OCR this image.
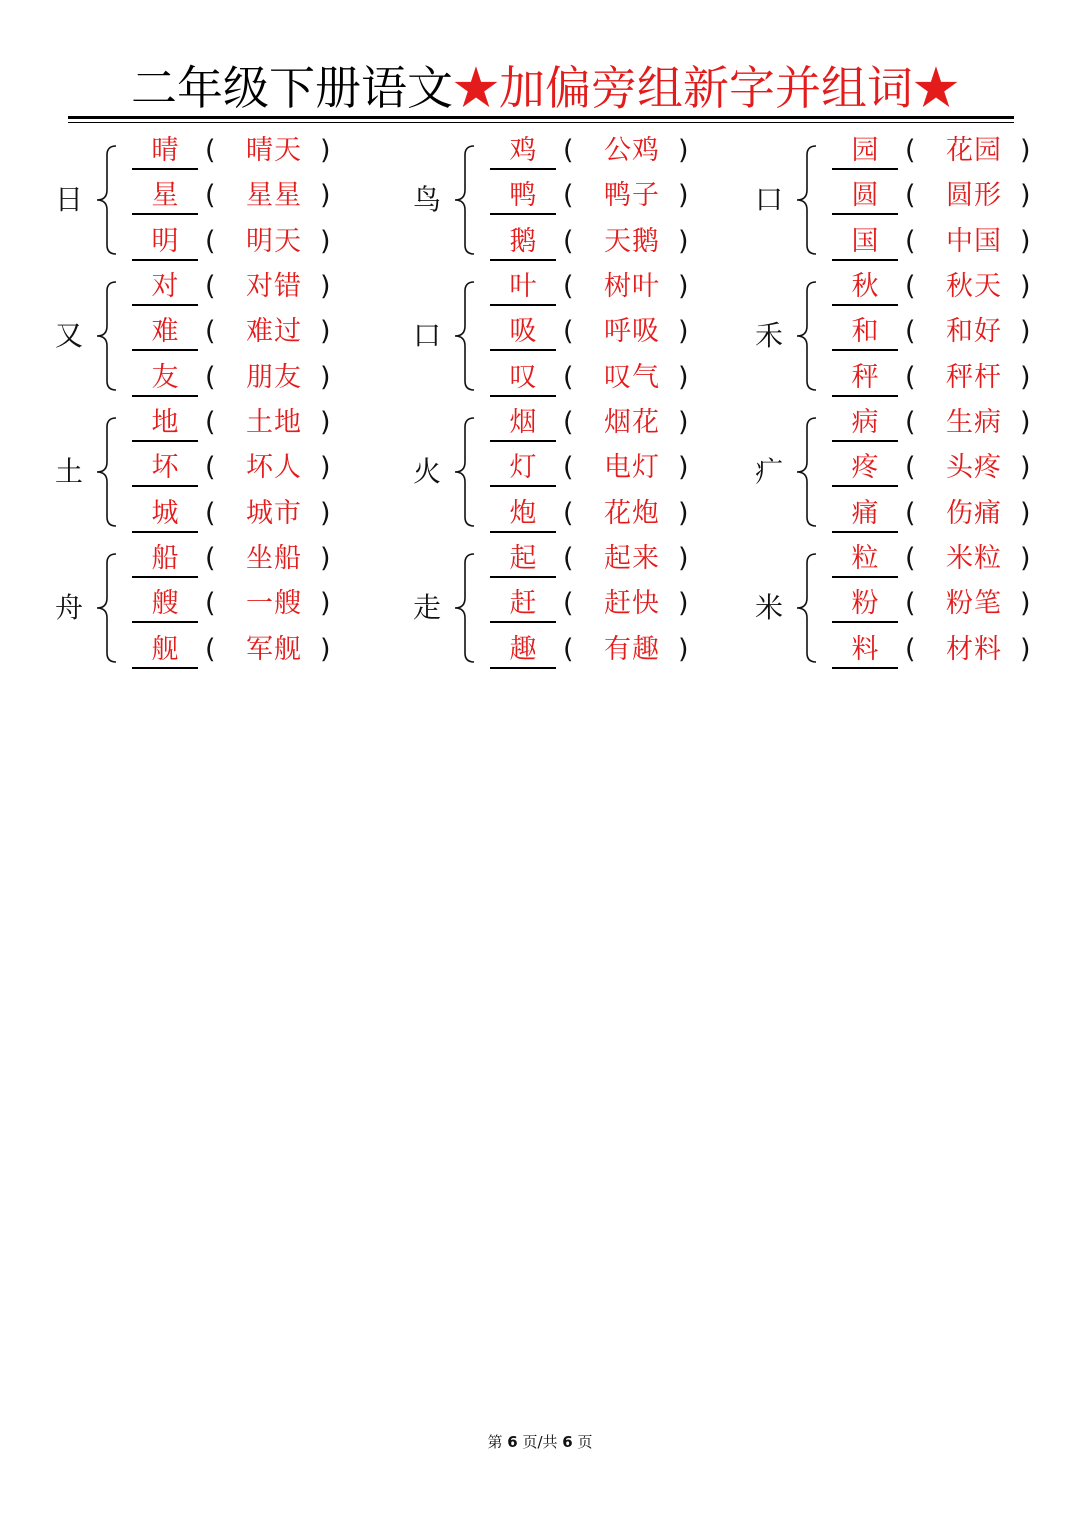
二年级下册语文★加偏旁组新字并组词★
日
晴 (	晴天 )
星 (	星星 )
明 (	明天 )
鸟
鸡 (	公鸡 )
鸭 (	鸭子 )
鹅 (	天鹅 )
口
园 (	花园 )
圆 (	圆形 )
国 (	中国 )
又
对 (	对错 )
难 (	难过 )
友 (	朋友 )
口
叶 (	树叶 )
吸 (	呼吸 )
叹 (	叹气 )
禾
秋 (	秋天 )
和 (	和好 )
秤 (	秤杆 )
土
地 (	土地 )
坏 (	坏人 )
城 (	城市 )
火
烟 (	烟花 )
灯 (	电灯 )
炮 (	花炮 )
疒
病 (	生病 )
疼 (	头疼 )
痛 (	伤痛 )
舟
船 (	坐船 )
艘 (	一艘 )
舰 (	军舰 )
走
起 (	起来 )
赶 (	赶快 )
趣 (	有趣 )
米
粒 (	米粒 )
粉 (	粉笔 )
料 (	材料 )
第 6 页/共 6 页
